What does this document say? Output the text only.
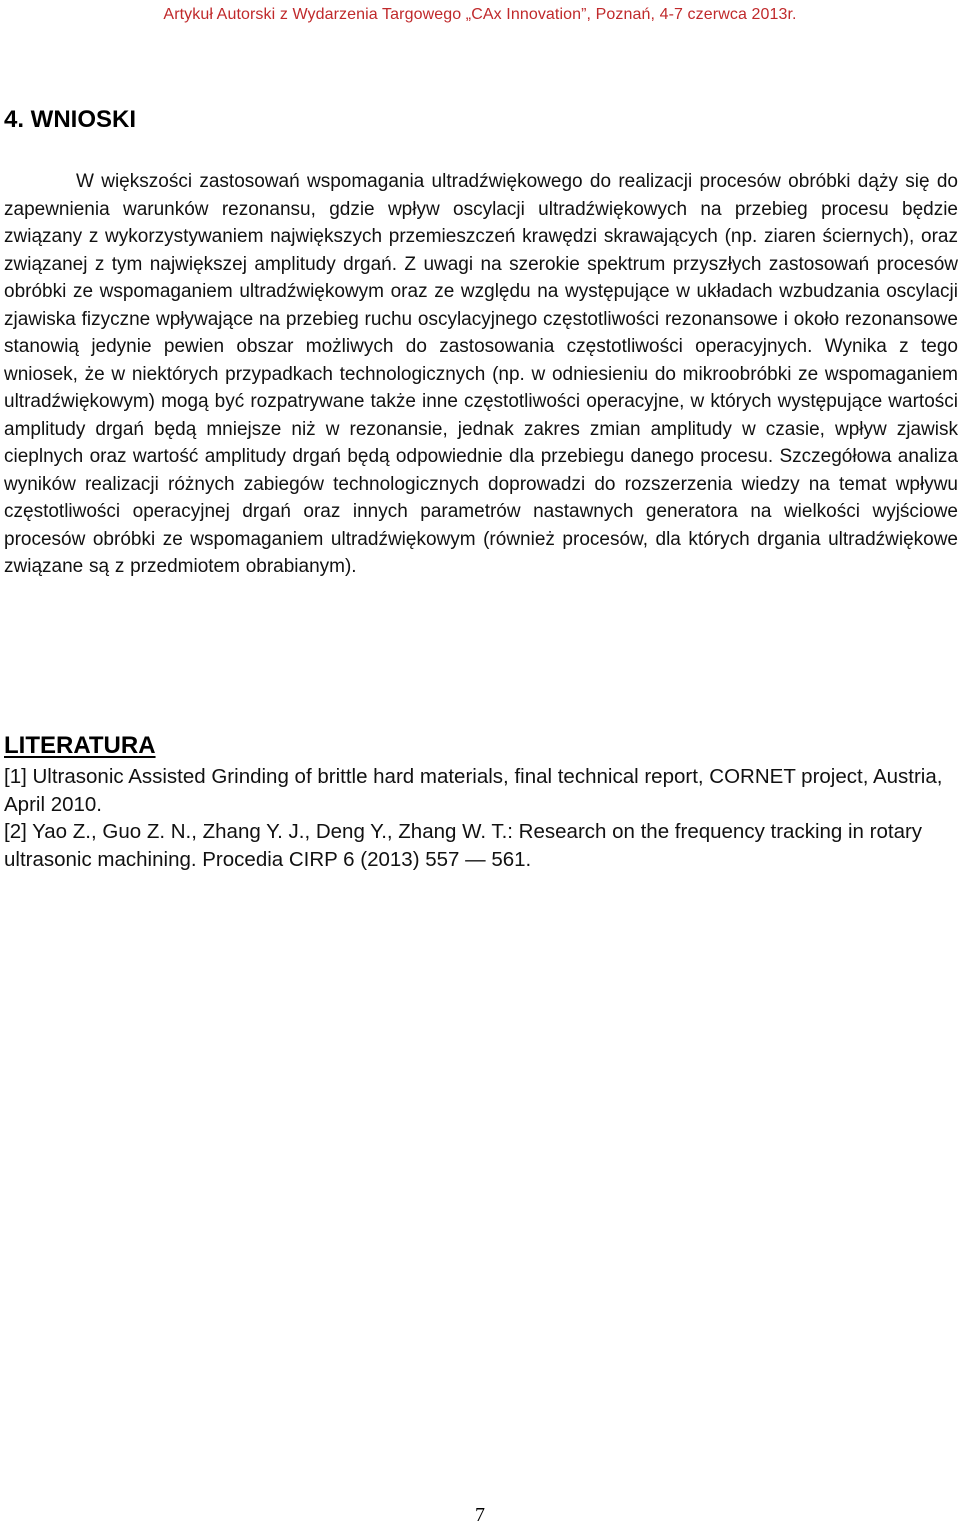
Artykuł Autorski z Wydarzenia Targowego „CAx Innovation”, Poznań, 4-7 czerwca 2013r.
4. WNIOSKI

W większości zastosowań wspomagania ultradźwiękowego do realizacji procesów obróbki dąży się do zapewnienia warunków rezonansu, gdzie wpływ oscylacji ultradźwiękowych na przebieg procesu będzie związany z wykorzystywaniem największych przemieszczeń krawędzi skrawających (np. ziaren ściernych), oraz związanej z tym największej amplitudy drgań. Z uwagi na szerokie spektrum przyszłych zastosowań procesów obróbki ze wspomaganiem ultradźwiękowym oraz ze względu na występujące w układach wzbudzania oscylacji zjawiska fizyczne wpływające na przebieg ruchu oscylacyjnego częstotliwości rezonansowe i około rezonansowe stanowią jedynie pewien obszar możliwych do zastosowania częstotliwości operacyjnych. Wynika z tego wniosek, że w niektórych przypadkach technologicznych (np. w odniesieniu do mikroobróbki ze wspomaganiem ultradźwiękowym) mogą być rozpatrywane także inne częstotliwości operacyjne, w których występujące wartości amplitudy drgań będą mniejsze niż w rezonansie, jednak zakres zmian amplitudy w czasie, wpływ zjawisk cieplnych oraz wartość amplitudy drgań będą odpowiednie dla przebiegu danego procesu. Szczegółowa analiza wyników realizacji różnych zabiegów technologicznych doprowadzi do rozszerzenia wiedzy na temat wpływu częstotliwości operacyjnej drgań oraz innych parametrów nastawnych generatora na wielkości wyjściowe procesów obróbki ze wspomaganiem ultradźwiękowym (również procesów, dla których drgania ultradźwiękowe związane są z przedmiotem obrabianym).

LITERATURA
[1] Ultrasonic Assisted Grinding of brittle hard materials, final technical report, CORNET project, Austria, April 2010.
[2] Yao Z., Guo Z. N., Zhang Y. J., Deng Y., Zhang W. T.: Research on the frequency tracking in rotary ultrasonic machining. Procedia CIRP 6 (2013) 557 — 561.
7
